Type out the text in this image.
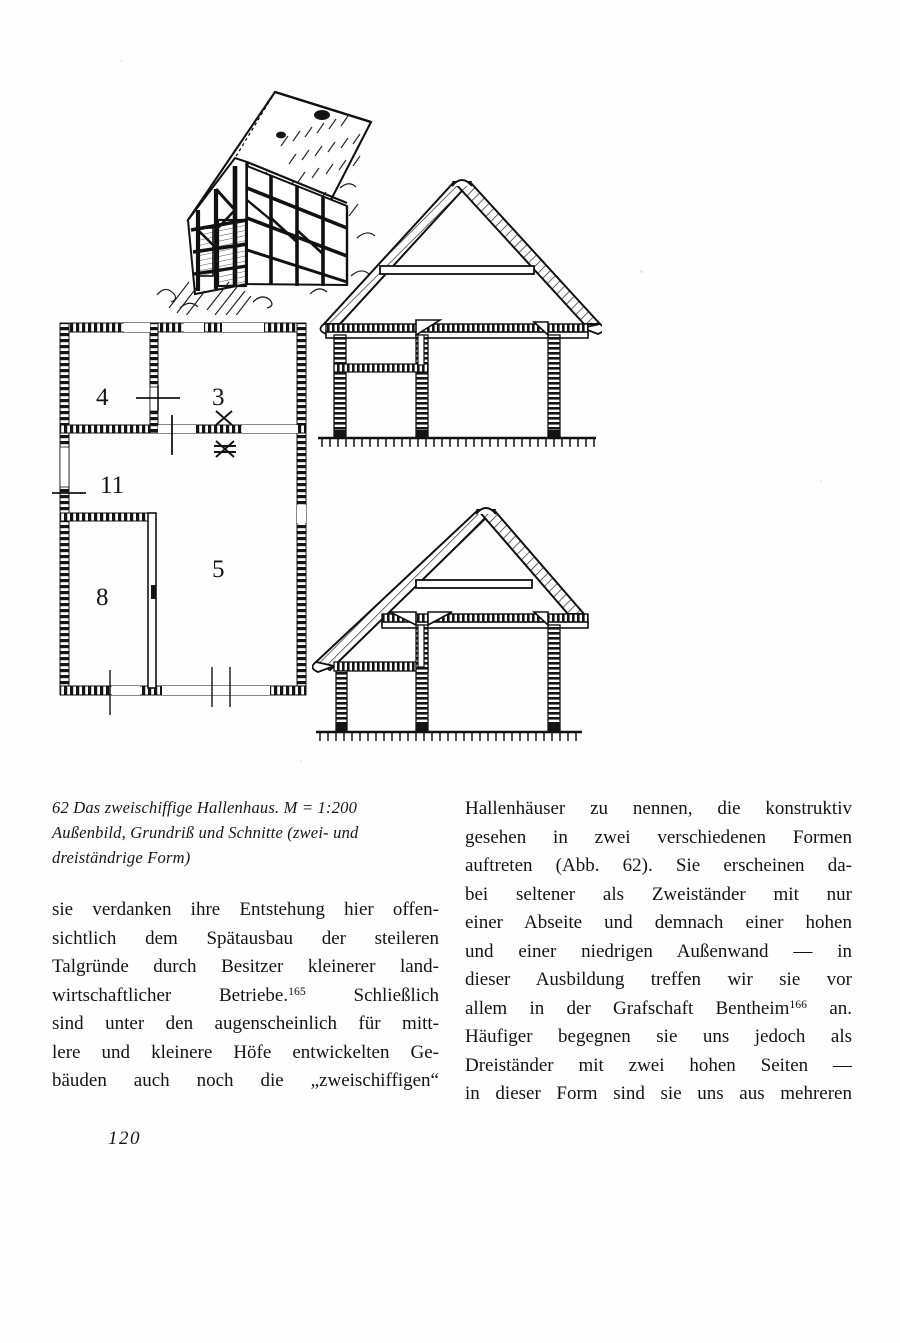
4	3
11
8
5
62 Das zweischiffige Hallenhaus. M = 1:200
Außenbild, Grundriß und Schnitte (zwei- und
dreiständrige Form)

sie verdanken ihre Entstehung hier offen-
sichtlich dem Spätausbau der steileren
Talgründe durch Besitzer kleinerer land-
wirtschaftlicher Betriebe.$^{165}$ Schließlich
sind unter den augenscheinlich für mitt-
lere und kleinere Höfe entwickelten Ge-
bäuden auch noch die „zweischiffigen“

Hallenhäuser zu nennen, die konstruktiv
gesehen in zwei verschiedenen Formen
auftreten (Abb. 62). Sie erscheinen da-
bei seltener als Zweiständer mit nur
einer Abseite und demnach einer hohen
und einer niedrigen Außenwand — in
dieser Ausbildung treffen wir sie vor
allem in der Grafschaft Bentheim$^{166}$ an.
Häufiger begegnen sie uns jedoch als
Dreiständer mit zwei hohen Seiten —
in dieser Form sind sie uns aus mehreren

120
